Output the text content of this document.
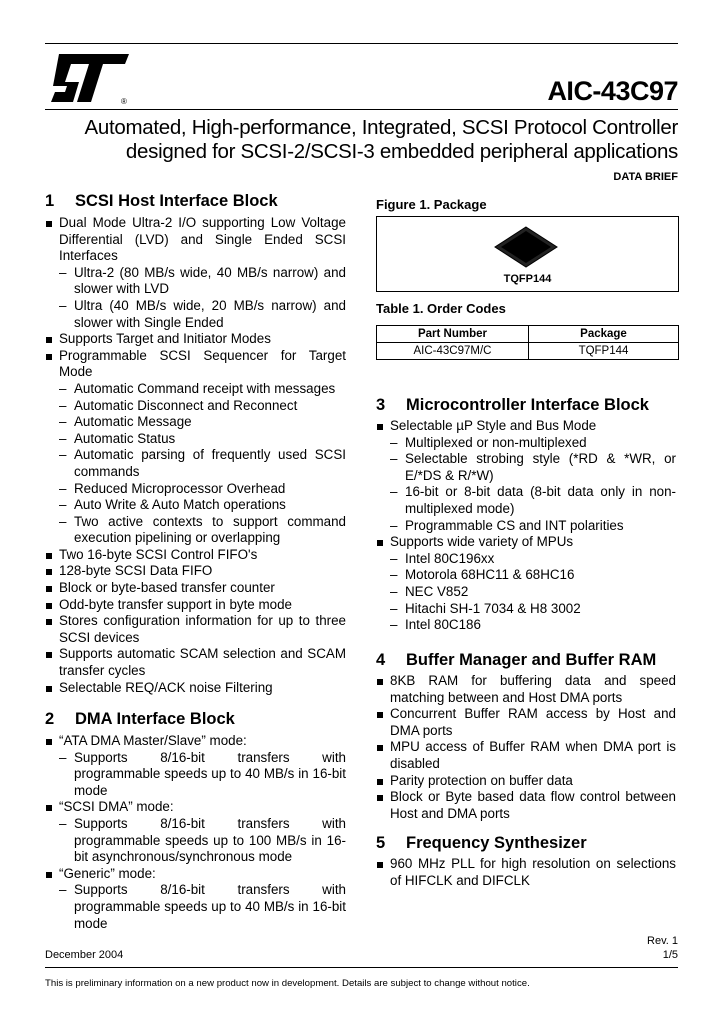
®	AIC-43C97
Automated, High-performance, Integrated, SCSI Protocol Controller
designed for SCSI-2/SCSI-3 embedded peripheral applications
DATA BRIEF
1 SCSI Host Interface Block
Dual Mode Ultra-2 I/O supporting Low Voltage Differential (LVD) and Single Ended SCSI Interfaces
– Ultra-2 (80 MB/s wide, 40 MB/s narrow) and slower with LVD
– Ultra (40 MB/s wide, 20 MB/s narrow) and slower with Single Ended
Supports Target and Initiator Modes
Programmable SCSI Sequencer for Target Mode
– Automatic Command receipt with messages
– Automatic Disconnect and Reconnect
– Automatic Message
– Automatic Status
– Automatic parsing of frequently used SCSI commands
– Reduced Microprocessor Overhead
– Auto Write & Auto Match operations
– Two active contexts to support command execution pipelining or overlapping
Two 16-byte SCSI Control FIFO's
128-byte SCSI Data FIFO
Block or byte-based transfer counter
Odd-byte transfer support in byte mode
Stores configuration information for up to three SCSI devices
Supports automatic SCAM selection and SCAM transfer cycles
Selectable REQ/ACK noise Filtering
2 DMA Interface Block
“ATA DMA Master/Slave” mode:
– Supports 8/16-bit transfers with programmable speeds up to 40 MB/s in 16-bit mode
“SCSI DMA” mode:
– Supports 8/16-bit transfers with programmable speeds up to 100 MB/s in 16-bit asynchronous/synchronous mode
“Generic” mode:
– Supports 8/16-bit transfers with programmable speeds up to 40 MB/s in 16-bit mode
Figure 1. Package
TQFP144
Table 1. Order Codes
Part Number	Package
AIC-43C97M/C	TQFP144
3 Microcontroller Interface Block
Selectable µP Style and Bus Mode
– Multiplexed or non-multiplexed
– Selectable strobing style (*RD & *WR, or E/*DS & R/*W)
– 16-bit or 8-bit data (8-bit data only in non-multiplexed mode)
– Programmable CS and INT polarities
Supports wide variety of MPUs
– Intel 80C196xx
– Motorola 68HC11 & 68HC16
– NEC V852
– Hitachi SH-1 7034 & H8 3002
– Intel 80C186
4 Buffer Manager and Buffer RAM
8KB RAM for buffering data and speed matching between and Host DMA ports
Concurrent Buffer RAM access by Host and DMA ports
MPU access of Buffer RAM when DMA port is disabled
Parity protection on buffer data
Block or Byte based data flow control between Host and DMA ports
5 Frequency Synthesizer
960 MHz PLL for high resolution on selections of HIFCLK and DIFCLK
December 2004
Rev. 1
1/5
This is preliminary information on a new product now in development. Details are subject to change without notice.
